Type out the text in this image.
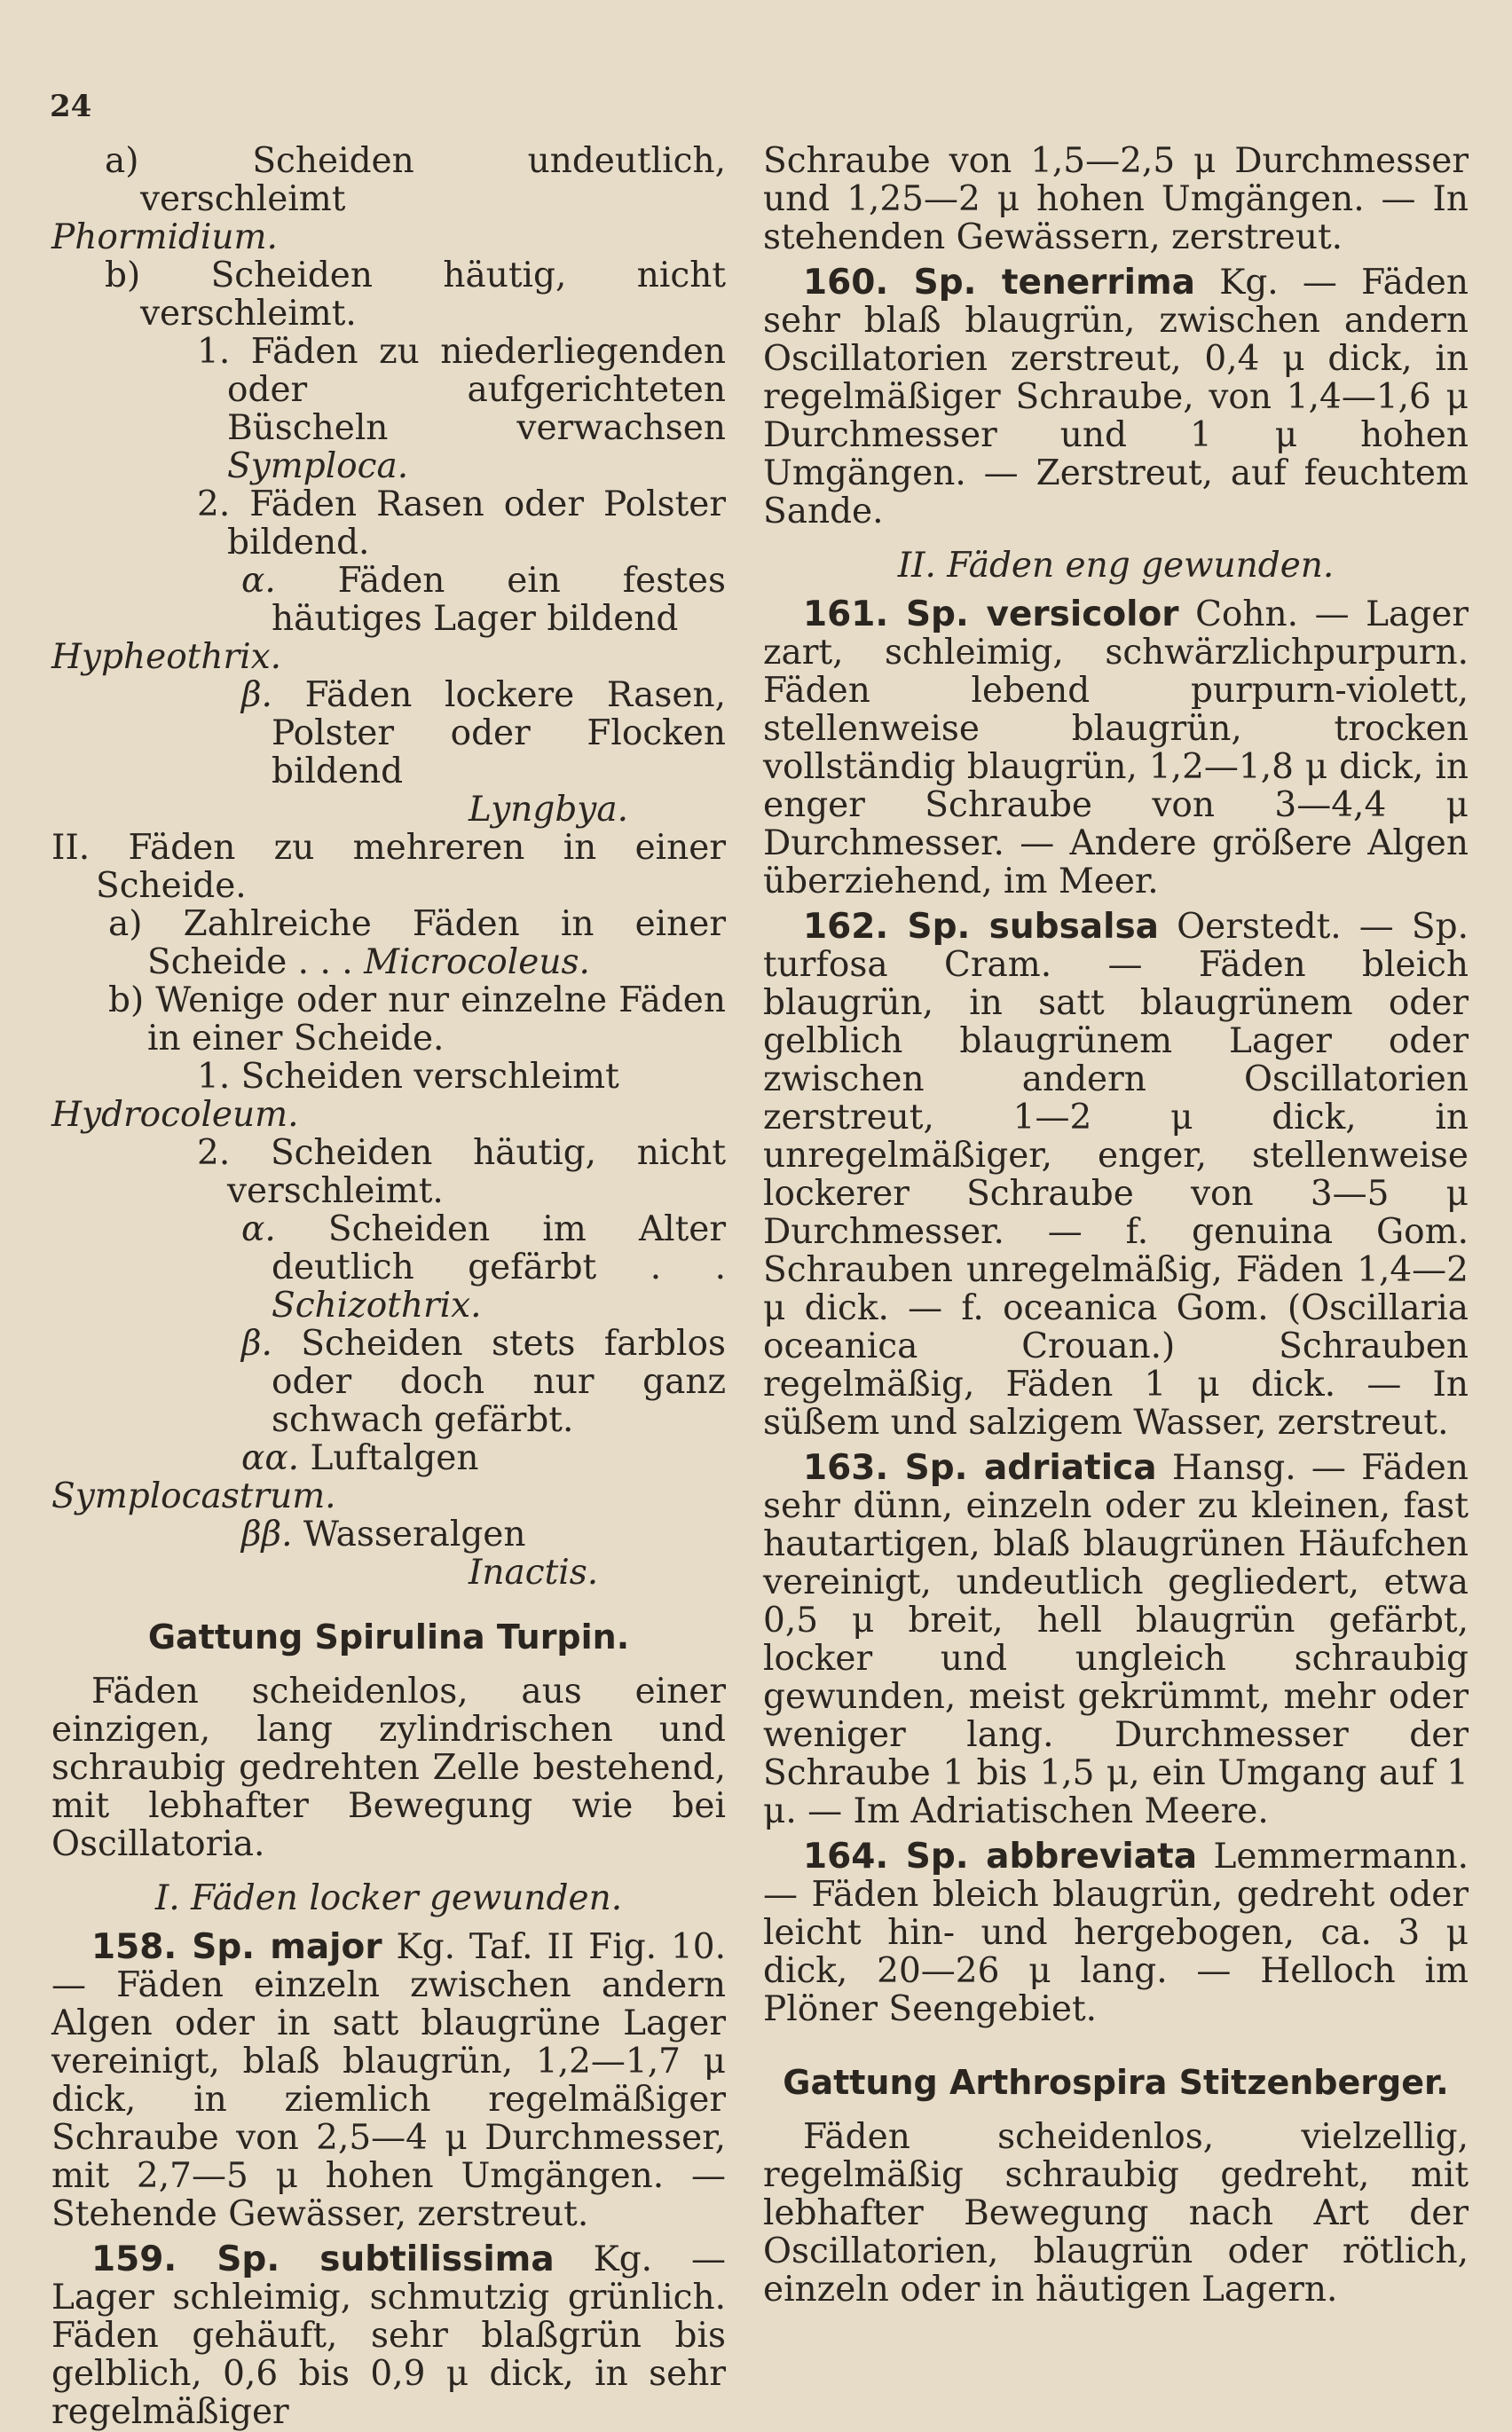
24

a)	Scheiden undeutlich, verschleimt

Phormidium.

b) Scheiden häutig, nicht verschleimt.

1. Fäden zu niederliegenden oder aufgerichteten Büscheln verwachsen Symploca.

2. Fäden Rasen oder Polster bildend.

α. Fäden ein festes häutiges Lager bildend

Hypheothrix.

β. Fäden lockere Rasen, Polster oder Flocken bildend

Lyngbya.

II. Fäden zu mehreren in einer Scheide.

a) Zahlreiche Fäden in einer Scheide . . . Microcoleus.

b) Wenige oder nur einzelne Fäden in einer Scheide.

1. Scheiden verschleimt

Hydrocoleum.

2. Scheiden häutig, nicht verschleimt.

α. Scheiden im Alter deutlich gefärbt . . Schizothrix.

β. Scheiden stets farblos oder doch nur ganz schwach gefärbt.

αα. Luftalgen

Symplocastrum.

ββ. Wasseralgen

Inactis.

Gattung Spirulina Turpin.

Fäden scheidenlos, aus einer einzigen, lang zylindrischen und schraubig gedrehten Zelle bestehend, mit lebhafter Bewegung wie bei Oscillatoria.

I. Fäden locker gewunden.

158. Sp. major Kg. Taf. II Fig. 10. — Fäden einzeln zwischen andern Algen oder in satt blaugrüne Lager vereinigt, blaß blaugrün, 1,2—1,7 μ dick, in ziemlich regelmäßiger Schraube von 2,5—4 μ Durchmesser, mit 2,7—5 μ hohen Umgängen. — Stehende Gewässer, zerstreut.

159. Sp. subtilissima Kg. — Lager schleimig, schmutzig grünlich. Fäden gehäuft, sehr blaßgrün bis gelblich, 0,6 bis 0,9 μ dick, in sehr regelmäßiger

Schraube von 1,5—2,5 μ Durchmesser und 1,25—2 μ hohen Umgängen. — In stehenden Gewässern, zerstreut.

160. Sp. tenerrima Kg. — Fäden sehr blaß blaugrün, zwischen andern Oscillatorien zerstreut, 0,4 μ dick, in regelmäßiger Schraube, von 1,4—1,6 μ Durchmesser und 1 μ hohen Umgängen. — Zerstreut, auf feuchtem Sande.

II. Fäden eng gewunden.

161. Sp. versicolor Cohn. — Lager zart, schleimig, schwärzlichpurpurn. Fäden lebend purpurn-violett, stellenweise blaugrün, trocken vollständig blaugrün, 1,2—1,8 μ dick, in enger Schraube von 3—4,4 μ Durchmesser. — Andere größere Algen überziehend, im Meer.

162. Sp. subsalsa Oerstedt. — Sp. turfosa Cram. — Fäden bleich blaugrün, in satt blaugrünem oder gelblich blaugrünem Lager oder zwischen andern Oscillatorien zerstreut, 1—2 μ dick, in unregelmäßiger, enger, stellenweise lockerer Schraube von 3—5 μ Durchmesser. — f. genuina Gom. Schrauben unregelmäßig, Fäden 1,4—2 μ dick. — f. oceanica Gom. (Oscillaria oceanica Crouan.) Schrauben regelmäßig, Fäden 1 μ dick. — In süßem und salzigem Wasser, zerstreut.

163. Sp. adriatica Hansg. — Fäden sehr dünn, einzeln oder zu kleinen, fast hautartigen, blaß blaugrünen Häufchen vereinigt, undeutlich gegliedert, etwa 0,5 μ breit, hell blaugrün gefärbt, locker und ungleich schraubig gewunden, meist gekrümmt, mehr oder weniger lang. Durchmesser der Schraube 1 bis 1,5 μ, ein Umgang auf 1 μ. — Im Adriatischen Meere.

164. Sp. abbreviata Lemmermann. — Fäden bleich blaugrün, gedreht oder leicht hin- und hergebogen, ca. 3 μ dick, 20—26 μ lang. — Helloch im Plöner Seengebiet.

Gattung Arthrospira Stitzenberger.

Fäden scheidenlos, vielzellig, regelmäßig schraubig gedreht, mit lebhafter Bewegung nach Art der Oscillatorien, blaugrün oder rötlich, einzeln oder in häutigen Lagern.
